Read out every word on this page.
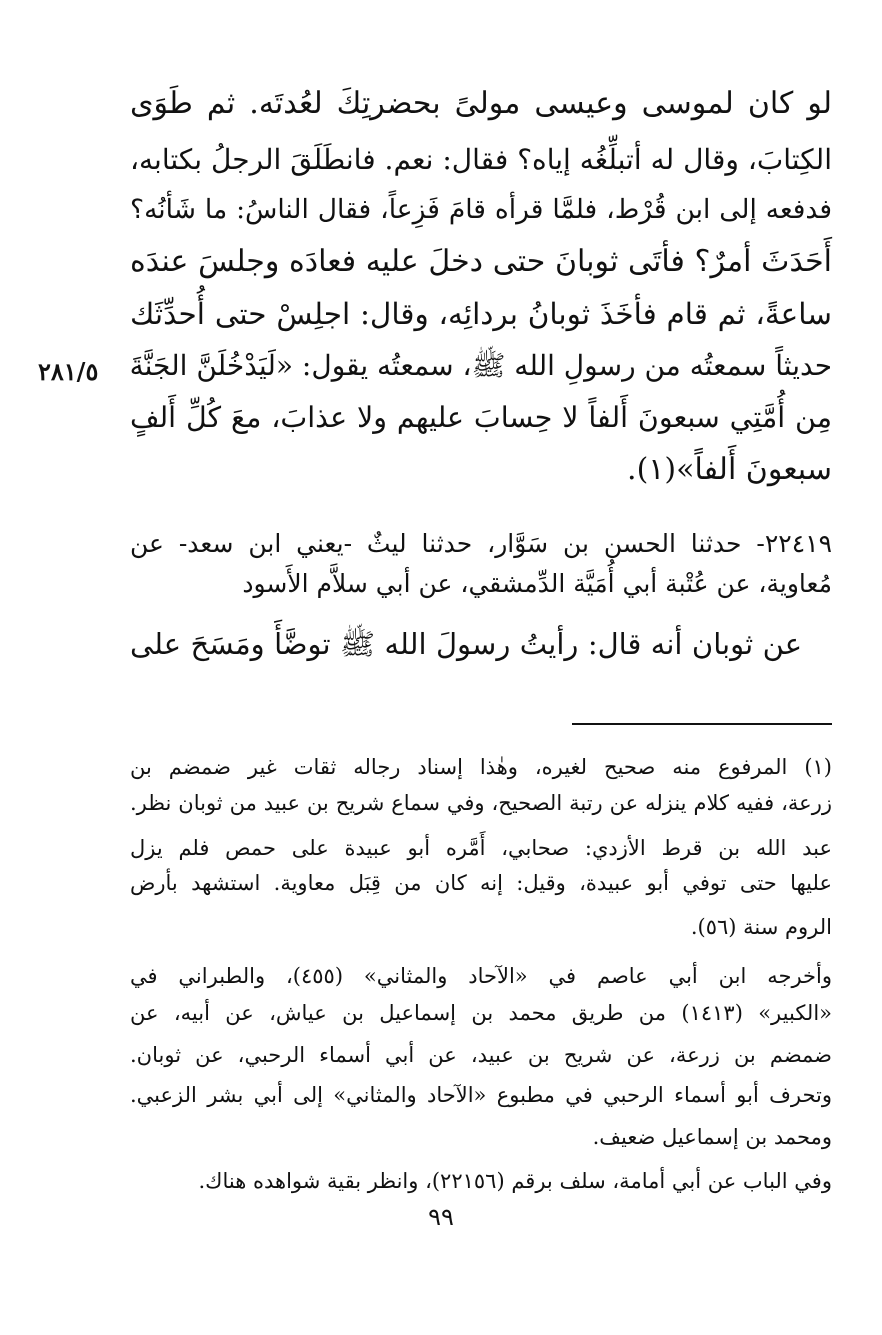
لو كان لموسى وعيسى مولىً بحضرتِكَ لعُدتَه. ثم طَوَى
الكِتابَ، وقال له أتبلِّغُه إياه؟ فقال: نعم. فانطَلَقَ الرجلُ بكتابه،
فدفعه إلى ابن قُرْط، فلمَّا قرأه قامَ فَزِعاً، فقال الناسُ: ما شَأنُه؟
أَحَدَثَ أمرٌ؟ فأتَى ثوبانَ حتى دخلَ عليه فعادَه وجلسَ عندَه
ساعةً، ثم قام فأخَذَ ثوبانُ بردائِه، وقال: اجلِسْ حتى أُحدِّثَك
حديثاً سمعتُه من رسولِ الله ﷺ، سمعتُه يقول: «لَيَدْخُلَنَّ الجَنَّةَ
مِن أُمَّتِي سبعونَ أَلفاً لا حِسابَ عليهم ولا عذابَ، معَ كُلِّ أَلفٍ
سبعونَ أَلفاً»(١).
٢٨١/٥
٢٢٤١٩- حدثنا الحسن بن سَوَّار، حدثنا ليثٌ -يعني ابن سعد- عن
مُعاوية، عن عُتْبة أبي أُمَيَّة الدِّمشقي، عن أبي سلاَّم الأَسود
عن ثوبان أنه قال: رأيتُ رسولَ الله ﷺ توضَّأَ ومَسَحَ على
(١) المرفوع منه صحيح لغيره، وهٰذا إسناد رجاله ثقات غير ضمضم بن
زرعة، ففيه كلام ينزله عن رتبة الصحيح، وفي سماع شريح بن عبيد من ثوبان نظر.
عبد الله بن قرط الأزدي: صحابي، أَمَّره أبو عبيدة على حمص فلم يزل
عليها حتى توفي أبو عبيدة، وقيل: إنه كان من قِبَل معاوية. استشهد بأرض
الروم سنة (٥٦).
وأخرجه ابن أبي عاصم في «الآحاد والمثاني» (٤٥٥)، والطبراني في
«الكبير» (١٤١٣) من طريق محمد بن إسماعيل بن عياش، عن أبيه، عن
ضمضم بن زرعة، عن شريح بن عبيد، عن أبي أسماء الرحبي، عن ثوبان.
وتحرف أبو أسماء الرحبي في مطبوع «الآحاد والمثاني» إلى أبي بشر الزعبي.
ومحمد بن إسماعيل ضعيف.
وفي الباب عن أبي أمامة، سلف برقم (٢٢١٥٦)، وانظر بقية شواهده هناك.
٩٩
